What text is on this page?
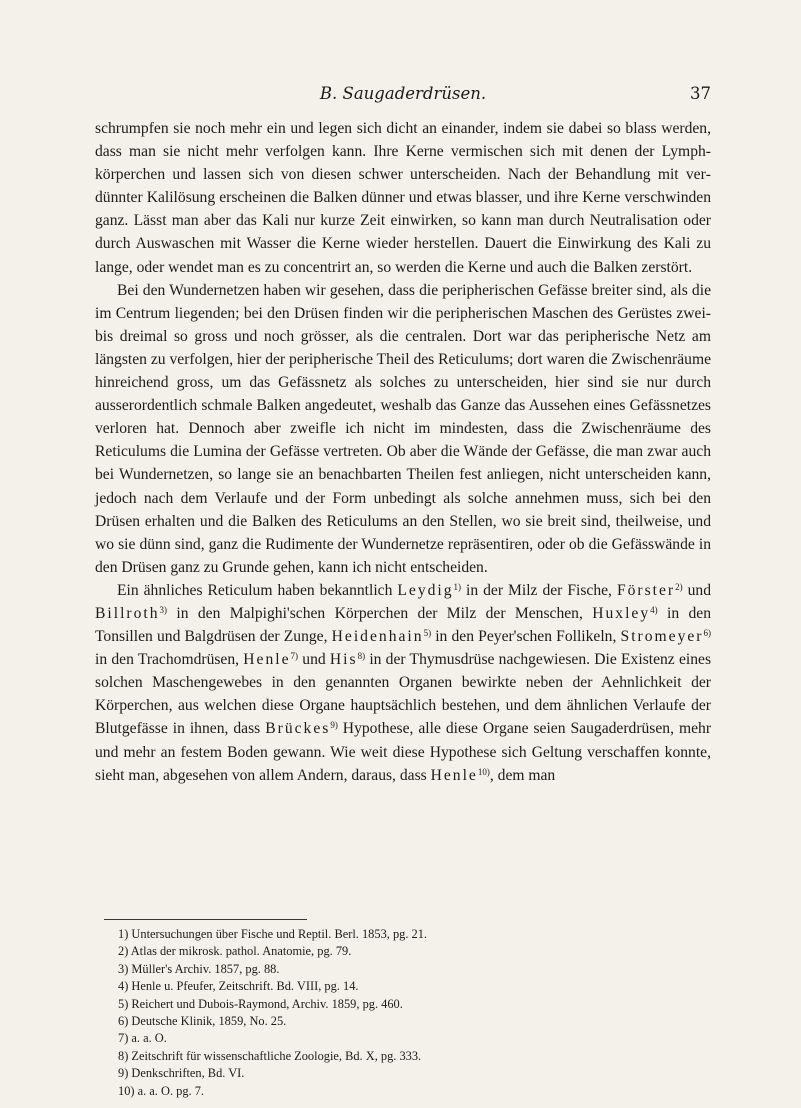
B. Saugaderdrüsen.	37

schrumpfen sie noch mehr ein und legen sich dicht an einander, indem sie dabei so blass werden, dass man sie nicht mehr verfolgen kann. Ihre Kerne vermischen sich mit denen der Lymphkörperchen und lassen sich von diesen schwer unterscheiden. Nach der Behandlung mit verdünnter Kalilösung erscheinen die Balken dünner und etwas blasser, und ihre Kerne verschwinden ganz. Lässt man aber das Kali nur kurze Zeit einwirken, so kann man durch Neutralisation oder durch Auswaschen mit Wasser die Kerne wieder herstellen. Dauert die Einwirkung des Kali zu lange, oder wendet man es zu concentrirt an, so werden die Kerne und auch die Balken zerstört.

Bei den Wundernetzen haben wir gesehen, dass die peripherischen Gefässe breiter sind, als die im Centrum liegenden; bei den Drüsen finden wir die peripherischen Maschen des Gerüstes zwei- bis dreimal so gross und noch grösser, als die centralen. Dort war das peripherische Netz am längsten zu verfolgen, hier der peripherische Theil des Reticulums; dort waren die Zwischenräume hinreichend gross, um das Gefässnetz als solches zu unterscheiden, hier sind sie nur durch ausserordentlich schmale Balken angedeutet, weshalb das Ganze das Aussehen eines Gefässnetzes verloren hat. Dennoch aber zweifle ich nicht im mindesten, dass die Zwischenräume des Reticulums die Lumina der Gefässe vertreten. Ob aber die Wände der Gefässe, die man zwar auch bei Wundernetzen, so lange sie an benachbarten Theilen fest anliegen, nicht unterscheiden kann, jedoch nach dem Verlaufe und der Form unbedingt als solche annehmen muss, sich bei den Drüsen erhalten und die Balken des Reticulums an den Stellen, wo sie breit sind, theilweise, und wo sie dünn sind, ganz die Rudimente der Wundernetze repräsentiren, oder ob die Gefässwände in den Drüsen ganz zu Grunde gehen, kann ich nicht entscheiden.

Ein ähnliches Reticulum haben bekanntlich Leydig$^{1)}$ in der Milz der Fische, Förster$^{2)}$ und Billroth$^{3)}$ in den Malpighi'schen Körperchen der Milz der Menschen, Huxley$^{4)}$ in den Tonsillen und Balgdrüsen der Zunge, Heidenhain$^{5)}$ in den Peyer'schen Follikeln, Stromeyer$^{6)}$ in den Trachomdrüsen, Henle$^{7)}$ und His$^{8)}$ in der Thymusdrüse nachgewiesen. Die Existenz eines solchen Maschengewebes in den genannten Organen bewirkte neben der Aehnlichkeit der Körperchen, aus welchen diese Organe hauptsächlich bestehen, und dem ähnlichen Verlaufe der Blutgefässe in ihnen, dass Brückes$^{9)}$ Hypothese, alle diese Organe seien Saugaderdrüsen, mehr und mehr an festem Boden gewann. Wie weit diese Hypothese sich Geltung verschaffen konnte, sieht man, abgesehen von allem Andern, daraus, dass Henle$^{10)}$, dem man

1) Untersuchungen über Fische und Reptil. Berl. 1853, pg. 21.
2) Atlas der mikrosk. pathol. Anatomie, pg. 79.
3) Müller's Archiv. 1857, pg. 88.
4) Henle u. Pfeufer, Zeitschrift. Bd. VIII, pg. 14.
5) Reichert und Dubois-Raymond, Archiv. 1859, pg. 460.
6) Deutsche Klinik, 1859, No. 25.
7) a. a. O.
8) Zeitschrift für wissenschaftliche Zoologie, Bd. X, pg. 333.
9) Denkschriften, Bd. VI.
10) a. a. O. pg. 7.
